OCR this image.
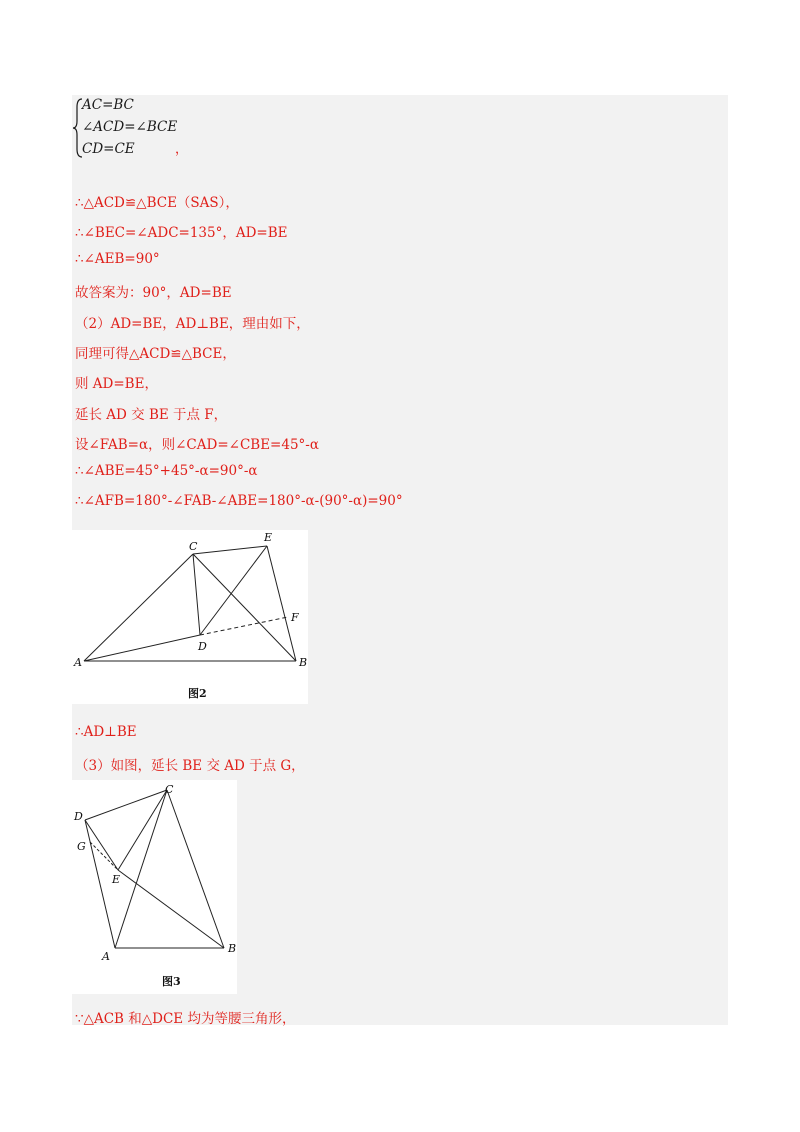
AC=BC
∠ACD=∠BCE
CD=CE	，
∴△ACD≌△BCE（SAS），
∴∠BEC=∠ADC=135°，AD=BE
∴∠AEB=90°
故答案为：90°，AD=BE
（2）AD=BE，AD⊥BE，理由如下，
同理可得△ACD≌△BCE，
则 AD=BE，
延长 AD 交 BE 于点 F，
设∠FAB=α，则∠CAD=∠CBE=45°-α
∴∠ABE=45°+45°-α=90°-α
∴∠AFB=180°-∠FAB-∠ABE=180°-α-(90°-α)=90°
A	B
C
D
E
F
图2
∴AD⊥BE
（3）如图，延长 BE 交 AD 于点 G，
D
C
G
E
A
B
图3
∵△ACB 和△DCE 均为等腰三角形，
